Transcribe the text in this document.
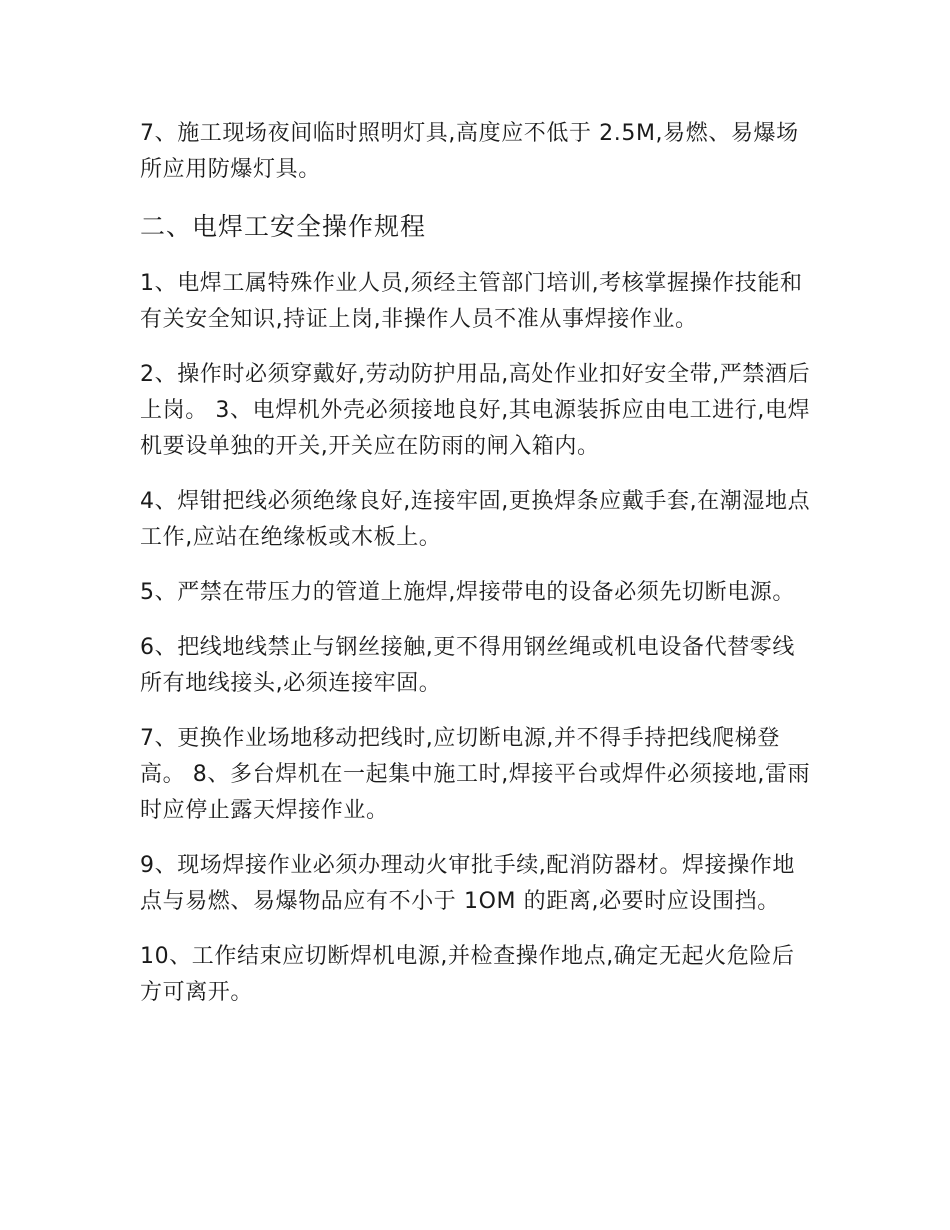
7、施工现场夜间临时照明灯具,高度应不低于 2.5M,易燃、易爆场所应用防爆灯具。

二、电焊工安全操作规程

1、电焊工属特殊作业人员,须经主管部门培训,考核掌握操作技能和有关安全知识,持证上岗,非操作人员不准从事焊接作业。

2、操作时必须穿戴好,劳动防护用品,高处作业扣好安全带,严禁酒后上岗。 3、电焊机外壳必须接地良好,其电源装拆应由电工进行,电焊机要设单独的开关,开关应在防雨的闸入箱内。

4、焊钳把线必须绝缘良好,连接牢固,更换焊条应戴手套,在潮湿地点工作,应站在绝缘板或木板上。

5、严禁在带压力的管道上施焊,焊接带电的设备必须先切断电源。

6、把线地线禁止与钢丝接触,更不得用钢丝绳或机电设备代替零线所有地线接头,必须连接牢固。

7、更换作业场地移动把线时,应切断电源,并不得手持把线爬梯登高。 8、多台焊机在一起集中施工时,焊接平台或焊件必须接地,雷雨时应停止露天焊接作业。

9、现场焊接作业必须办理动火审批手续,配消防器材。焊接操作地点与易燃、易爆物品应有不小于 1OM 的距离,必要时应设围挡。

10、工作结束应切断焊机电源,并检查操作地点,确定无起火危险后方可离开。
